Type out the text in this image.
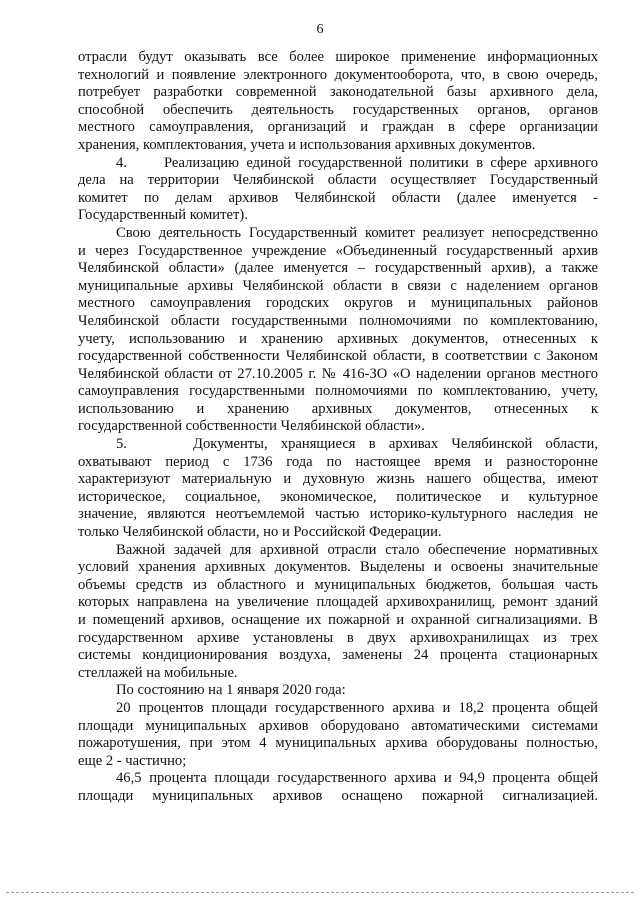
6

отрасли будут оказывать все более широкое применение информационных
технологий и появление электронного документооборота, что, в свою очередь,
потребует разработки современной законодательной базы архивного дела,
способной обеспечить деятельность государственных органов, органов
местного самоуправления, организаций и граждан в сфере организации
хранения, комплектования, учета и использования архивных документов.

4.     Реализацию единой государственной политики в сфере архивного
дела на территории Челябинской области осуществляет Государственный
комитет по делам архивов Челябинской области (далее именуется -
Государственный комитет).

Свою деятельность Государственный комитет реализует непосредственно
и через Государственное учреждение «Объединенный государственный архив
Челябинской области» (далее именуется – государственный архив), а также
муниципальные архивы Челябинской области в связи с наделением органов
местного самоуправления городских округов и муниципальных районов
Челябинской области государственными полномочиями по комплектованию,
учету, использованию и хранению архивных документов, отнесенных к
государственной собственности Челябинской области, в соответствии с Законом
Челябинской области от 27.10.2005 г. № 416-ЗО «О наделении органов местного
самоуправления государственными полномочиями по комплектованию, учету,
использованию и хранению архивных документов, отнесенных к
государственной собственности Челябинской области».

5.     Документы, хранящиеся в архивах Челябинской области,
охватывают период с 1736 года по настоящее время и разносторонне
характеризуют материальную и духовную жизнь нашего общества, имеют
историческое, социальное, экономическое, политическое и культурное
значение, являются неотъемлемой частью историко-культурного наследия не
только Челябинской области, но и Российской Федерации.

Важной задачей для архивной отрасли стало обеспечение нормативных
условий хранения архивных документов. Выделены и освоены значительные
объемы средств из областного и муниципальных бюджетов, большая часть
которых направлена на увеличение площадей архивохранилищ, ремонт зданий
и помещений архивов, оснащение их пожарной и охранной сигнализациями. В
государственном архиве установлены в двух архивохранилищах из трех
системы кондиционирования воздуха, заменены 24 процента стационарных
стеллажей на мобильные.

По состоянию на 1 января 2020 года:

20 процентов площади государственного архива и 18,2 процента общей
площади муниципальных архивов оборудовано автоматическими системами
пожаротушения, при этом 4 муниципальных архива оборудованы полностью,
еще 2 - частично;

46,5 процента площади государственного архива и 94,9 процента общей
площади муниципальных архивов оснащено пожарной сигнализацией.
